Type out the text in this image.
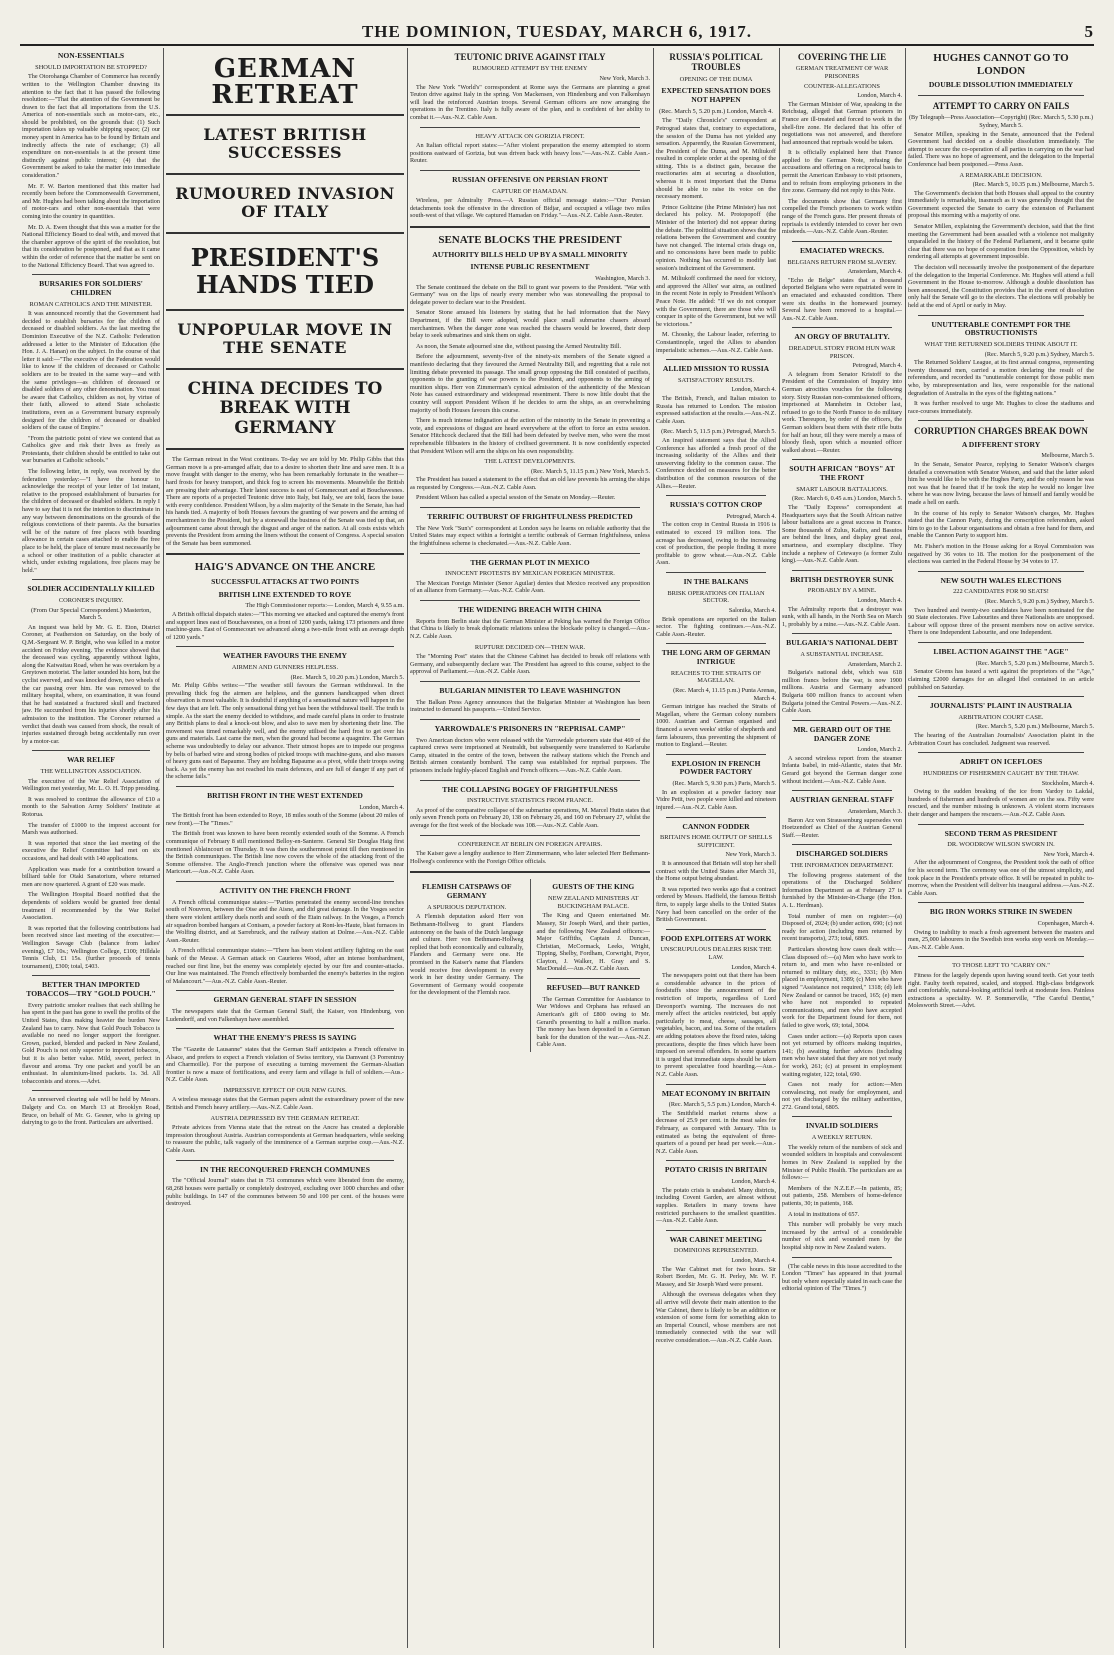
THE DOMINION, TUESDAY, MARCH 6, 1917.	5
NON-ESSENTIALS
SHOULD IMPORTATION BE STOPPED?

The Otorohanga Chamber of Commerce has recently written to the Wellington Chamber drawing its attention to the fact that it has passed the following resolution:—"That the attention of the Government be drawn to the fact that all importations from the U.S. America of non-essentials such as motor-cars, etc., should be prohibited, on the grounds that: (1) Such importation takes up valuable shipping space; (2) our money spent in America has to be found by Britain and indirectly affects the rate of exchange; (3) all expenditure on non-essentials is at the present time distinctly against public interest; (4) that the Government be asked to take the matter into immediate consideration."

Mr. F. W. Barton mentioned that this matter had recently been before the Commonwealth Government, and Mr. Hughes had been talking about the importation of motor-cars and other non-essentials that were coming into the country in quantities.

Mr. D. A. Ewen thought that this was a matter for the National Efficiency Board to deal with, and moved that the chamber approve of the spirit of the resolution, but that its consideration be postponed, and that as it came within the order of reference that the matter be sent on to the National Efficiency Board. That was agreed to.

BURSARIES FOR SOLDIERS' CHILDREN
ROMAN CATHOLICS AND THE MINISTER.

It was announced recently that the Government had decided to establish bursaries for the children of deceased or disabled soldiers. As the last meeting the Dominion Executive of the N.Z. Catholic Federation addressed a letter to the Minister of Education (the Hon. J. A. Hanan) on the subject. In the course of that letter it said:—"The executive of the Federation would like to know if the children of deceased or Catholic soldiers are to be treated in the same way—and with the same privileges—as children of deceased or disabled soldiers of any other denomination. You must be aware that Catholics, children as not, by virtue of their faith, allowed to attend State scholastic institutions, even as a Government bursary expressly designed for the children of deceased or disabled soldiers of the cause of Empire."

"From the patriotic point of view we contend that as Catholics give and risk their lives as freely as Protestants, their children should be entitled to take out war bursaries at Catholic schools."

The following letter, in reply, was received by the federation yesterday:—"I have the honour to acknowledge the receipt of your letter of 1st instant, relative to the proposed establishment of bursaries for the children of deceased or disabled soldiers. In reply I have to say that it is not the intention to discriminate in any way between denominations on the grounds of the religious convictions of their parents. As the bursaries will be of the nature of free places with boarding allowance in certain cases attached to enable the free place to be held, the place of tenure must necessarily be a school or other institution of a public character at which, under existing regulations, free places may be held."

SOLDIER ACCIDENTALLY KILLED
CORONER'S INQUIRY.
(From Our Special Correspondent.) Masterton, March 5.

An inquest was held by Mr. G. E. Eton, District Coroner, at Featherston on Saturday, on the body of Q.M.-Sergeant W. P. Bright, who was killed in a motor accident on Friday evening. The evidence showed that the deceased was cycling, apparently without lights, along the Kaiwaitau Road, when he was overtaken by a Greytown motorist. The latter sounded his horn, but the cyclist swerved, and was knocked down, two wheels of the car passing over him. He was removed to the military hospital, where, on examination, it was found that he had sustained a fractured skull and fractured jaw. He succumbed from his injuries shortly after his admission to the institution. The Coroner returned a verdict that death was caused from shock, the result of injuries sustained through being accidentally run over by a motor-car.

WAR RELIEF
THE WELLINGTON ASSOCIATION.

The executive of the War Relief Association of Wellington met yesterday, Mr. L. O. H. Tripp presiding.

It was resolved to continue the allowance of £10 a month to the Salvation Army Soldiers' Institute at Rotorua.

The transfer of £1000 to the imprest account for Marsh was authorised.

It was reported that since the last meeting of the executive the Relief Committee had met on six occasions, and had dealt with 140 applications.

Application was made for a contribution toward a billiard table for Otaki Sanatorium, where returned men are now quartered. A grant of £20 was made.

The Wellington Hospital Board notified that the dependents of soldiers would be granted free dental treatment if recommended by the War Relief Association.

It was reported that the following contributions had been received since last meeting of the executive:—Wellington Savage Club (balance from ladies' evening), £7 10s.; Wellington College, £100; Hilldale Tennis Club, £1 15s. (further proceeds of tennis tournament), £300; total, £403.

BETTER THAN IMPORTED TOBACCOS—TRY "GOLD POUCH."

Every patriotic smoker realises that each shilling he has spent in the past has gone to swell the profits of the United States, thus making heavier the burden New Zealand has to carry. Now that Gold Pouch Tobacco is available no need no longer support the foreigner. Grown, packed, blended and packed in New Zealand, Gold Pouch is not only superior to imported tobaccos, but it is also better value. Mild, sweet, perfect in flavour and aroma. Try one packet and you'll be an enthusiast. In aluminium-lined packets. 1s. 3d. All tobacconists and stores.—Advt.

An unreserved clearing sale will be held by Messrs. Dalgety and Co. on March 13 at Brooklyn Road, Bruce, on behalf of Mr. G. Gesner, who is giving up dairying to go to the front. Particulars are advertised.

GERMAN RETREAT
LATEST BRITISH SUCCESSES
RUMOURED INVASION OF ITALY
PRESIDENT'S HANDS TIED
UNPOPULAR MOVE IN THE SENATE
CHINA DECIDES TO BREAK WITH GERMANY

The German retreat in the West continues. To-day we are told by Mr. Philip Gibbs that this German move is a pre-arranged affair, due to a desire to shorten their line and save men. It is a move fraught with danger to the enemy, who has been remarkably fortunate in the weather—hard frosts for heavy transport, and thick fog to screen his movements. Meanwhile the British are pressing their advantage. Their latest success is east of Gommecourt and at Bouchavesnes. There are reports of a projected Teutonic drive into Italy, but Italy, we are told, faces the issue with every confidence. President Wilson, by a slim majority of the Senate in the Senate, has had his hands tied. A majority of both Houses favours the granting of war powers and the arming of merchantmen to the President, but by a stonewall the business of the Senate was tied up that, an adjournment came about through the disgust and anger of the nation. At all costs exists which prevents the President from arming the liners without the consent of Congress. A special session of the Senate has been summoned.

HAIG'S ADVANCE ON THE ANCRE
SUCCESSFUL ATTACKS AT TWO POINTS
BRITISH LINE EXTENDED TO ROYE
The High Commissioner reports:— London, March 4, 9.55 a.m.

A British official dispatch states:—"This morning we attacked and captured the enemy's front and support lines east of Bouchavesnes, on a front of 1200 yards, taking 173 prisoners and three machine-guns. East of Gommecourt we advanced along a two-mile front with an average depth of 1200 yards."

WEATHER FAVOURS THE ENEMY
AIRMEN AND GUNNERS HELPLESS.
(Rec. March 5, 10.20 p.m.) London, March 5.

Mr. Philip Gibbs writes:—"The weather still favours the German withdrawal. In the prevailing thick fog the airmen are helpless, and the gunners handicapped when direct observation is most valuable. It is doubtful if anything of a sensational nature will happen in the few days that are left. The only sensational thing yet has been the withdrawal itself. The truth is simple. As the start the enemy decided to withdraw, and made careful plans in order to frustrate any British plans to deal a knock-out blow, and also to save men by shortening their line. The movement was timed remarkably well, and the enemy utilised the hard frost to get over his guns and materials. Last came the men, when the ground had become a quagmire. The German scheme was undoubtedly to delay our advance. Their utmost hopes are to impede our progress by belts of barbed wire and strong bodies of picked troops with machine-guns, and also masses of heavy guns east of Bapaume. They are holding Bapaume as a pivot, while their troops swing back. As yet the enemy has not reached his main defences, and are full of danger if any part of the scheme fails."

BRITISH FRONT IN THE WEST EXTENDED
London, March 4.

The British front has been extended to Roye, 18 miles south of the Somme (about 20 miles of new front).—The "Times."

The British front was known to have been recently extended south of the Somme. A French communique of February 8 still mentioned Belloy-en-Santerre. General Sir Douglas Haig first mentioned Ablaincourt on Thursday. It was then the southernmost point till then mentioned in the British communiques. The British line now covers the whole of the attacking front of the Somme offensive. The Anglo-French junction where the offensive was opened was near Maricourt.—Aus.-N.Z. Cable Assn.

ACTIVITY ON THE FRENCH FRONT

A French official communique states:—"Parties penetrated the enemy second-line trenches south of Nouvron, between the Oise and the Aisne, and did great damage. In the Vosges sector there were violent artillery duels north and south of the Etain railway. In the Vosges, a French air squadron bombed hangars at Conisam, a powder factory at Ront-les-Haute, blast furnaces in the Wolfing district, and at Sarrebruck, and the railway station at Dolme.—Aus.-N.Z. Cable Assn.-Reuter.

A French official communique states:—"There has been violent artillery fighting on the east bank of the Meuse. A German attack on Caurieres Wood, after an intense bombardment, reached our first line, but the enemy was completely ejected by our fire and counter-attacks. Our line was maintained. The French effectively bombarded the enemy's batteries in the region of Malancourt."—Aus.-N.Z. Cable Assn.-Reuter.

GERMAN GENERAL STAFF IN SESSION

The newspapers state that the German General Staff, the Kaiser, von Hindenburg, von Ludendorff, and von Falkenhayn have assembled.

WHAT THE ENEMY'S PRESS IS SAYING

The "Gazette de Lausanne" states that the German Staff anticipates a French offensive in Alsace, and prefers to expect a French violation of Swiss territory, via Damvant (3 Porrentruy and Charmoille). For the purpose of executing a turning movement the German-Alsatian frontier is now a maze of fortifications, and every farm and village is full of soldiers.—Aus.-N.Z. Cable Assn.

IMPRESSIVE EFFECT OF OUR NEW GUNS.

A wireless message states that the German papers admit the extraordinary power of the new British and French heavy artillery.—Aus.-N.Z. Cable Assn.

AUSTRIA DEPRESSED BY THE GERMAN RETREAT.

Private advices from Vienna state that the retreat on the Ancre has created a deplorable impression throughout Austria. Austrian correspondents at German headquarters, while seeking to reassure the public, talk vaguely of the imminence of a German surprise coup.—Aus.-N.Z. Cable Assn.

IN THE RECONQUERED FRENCH COMMUNES

The "Official Journal" states that in 751 communes which were liberated from the enemy, 68,268 houses were partially or completely destroyed, excluding over 1000 churches and other public buildings. In 147 of the communes between 50 and 100 per cent. of the houses were destroyed.

TEUTONIC DRIVE AGAINST ITALY
RUMOURED ATTEMPT BY THE ENEMY
New York, March 3.

The New York "World's" correspondent at Rome says the Germans are planning a great Teuton drive against Italy in the spring. Von Mackensen, von Hindenburg and von Falkenhayn will lead the reinforced Austrian troops. Several German officers are now arranging the operations in the Trentino. Italy is fully aware of the plan, and is confident of her ability to combat it.—Aus.-N.Z. Cable Assn.

HEAVY ATTACK ON GORIZIA FRONT.

An Italian official report states:—"After violent preparation the enemy attempted to storm positions eastward of Gorizia, but was driven back with heavy loss."—Aus.-N.Z. Cable Assn.-Reuter.

RUSSIAN OFFENSIVE ON PERSIAN FRONT
CAPTURE OF HAMADAN.

Wireless, per Admiralty Press.—A Russian official message states:—"Our Persian detachments took the offensive in the direction of Bidjar, and occupied a village two miles south-west of that village. We captured Hamadan on Friday."—Aus.-N.Z. Cable Assn.-Reuter.

SENATE BLOCKS THE PRESIDENT
AUTHORITY BILLS HELD UP BY A SMALL MINORITY
INTENSE PUBLIC RESENTMENT
Washington, March 3.

The Senate continued the debate on the Bill to grant war powers to the President. "War with Germany" was on the lips of nearly every member who was stonewalling the proposal to delegate power to declare war to the President.

Senator Stone amused his listeners by stating that he had information that the Navy Department, if the Bill were adopted, would place small submarine chasers aboard merchantmen. When the danger zone was reached the chasers would be lowered, their deep belay to seek submarines and sink them on sight.

As noon, the Senate adjourned sine die, without passing the Armed Neutrality Bill.

Before the adjournment, seventy-five of the ninety-six members of the Senate signed a manifesto declaring that they favoured the Armed Neutrality Bill, and regretting that a rule not limiting debate prevented its passage. The small group opposing the Bill consisted of pacifists, opponents to the granting of war powers to the President, and opponents to the arming of munition ships. Herr von Zimmerman's cynical admission of the authenticity of the Mexican Note has caused extraordinary and widespread resentment. There is now little doubt that the country will support President Wilson if he decides to arm the ships, as an overwhelming majority of both Houses favours this course.

There is much intense indignation at the action of the minority in the Senate in preventing a vote, and expressions of disgust are heard everywhere at the effort to force an extra session. Senator Hitchcock declared that the Bill had been defeated by twelve men, who were the most reprehensible filibusters in the history of civilised government. It is now confidently expected that President Wilson will arm the ships on his own responsibility.

THE LATEST DEVELOPMENTS.
(Rec. March 5, 11.15 p.m.) New York, March 5.

The President has issued a statement to the effect that an old law prevents his arming the ships as requested by Congress.—Aus.-N.Z. Cable Assn.

President Wilson has called a special session of the Senate on Monday.—Reuter.

TERRIFIC OUTBURST OF FRIGHTFULNESS PREDICTED

The New York "Sun's" correspondent at London says he learns on reliable authority that the United States may expect within a fortnight a terrific outbreak of German frightfulness, unless the frightfulness scheme is checkmated.—Aus.-N.Z. Cable Assn.

THE GERMAN PLOT IN MEXICO
INNOCENT PROTESTS BY MEXICAN FOREIGN MINISTER.

The Mexican Foreign Minister (Senor Aguilar) denies that Mexico received any proposition of an alliance from Germany.—Aus.-N.Z. Cable Assn.

THE WIDENING BREACH WITH CHINA

Reports from Berlin state that the German Minister at Peking has warned the Foreign Office that China is likely to break diplomatic relations unless the blockade policy is changed.—Aus.-N.Z. Cable Assn.

RUPTURE DECIDED ON—THEN WAR.

The "Morning Post" states that the Chinese Cabinet has decided to break off relations with Germany, and subsequently declare war. The President has agreed to this course, subject to the approval of Parliament.—Aus.-N.Z. Cable Assn.

BULGARIAN MINISTER TO LEAVE WASHINGTON

The Balkan Press Agency announces that the Bulgarian Minister at Washington has been instructed to demand his passports.—United Service.

YARROWDALE'S PRISONERS IN "REPRISAL CAMP"

Two American doctors who were released with the Yarrowdale prisoners state that 469 of the captured crews were imprisoned at Neutraldt, but subsequently were transferred to Karlsruhe Camp, situated in the centre of the town, between the railway stations which the French and British airmen constantly bombard. The camp was established for reprisal purposes. The prisoners include highly-placed English and French officers.—Aus.-N.Z. Cable Assn.

THE COLLAPSING BOGEY OF FRIGHTFULNESS
INSTRUCTIVE STATISTICS FROM FRANCE.

As proof of the comparative collapse of the submarine operations, M. Marcel Hutin states that only seven French ports on February 20, 138 on February 26, and 160 on February 27, whilst the average for the first week of the blockade was 108.—Aus.-N.Z. Cable Assn.

CONFERENCE AT BERLIN ON FOREIGN AFFAIRS.

The Kaiser gave a lengthy audience to Herr Zimmermann, who later selected Herr Bethmann-Hollweg's conference with the Foreign Office officials.

FLEMISH CATSPAWS OF GERMANY
A SPURIOUS DEPUTATION.

A Flemish deputation asked Herr von Bethmann-Hollweg to grant Flanders autonomy on the basis of the Dutch language and culture. Herr von Bethmann-Hollweg replied that both economically and culturally, Flanders and Germany were one. He promised in the Kaiser's name that Flanders would receive free development in every work in her destiny under Germany. The Government of Germany would cooperate for the development of the Flemish race.

GUESTS OF THE KING
NEW ZEALAND MINISTERS AT BUCKINGHAM PALACE.

The King and Queen entertained Mr. Massey, Sir Joseph Ward, and their parties, and the following New Zealand officers:—Major Griffiths, Captain J. Duncan, Christian, McCormack, Leeks, Wright, Tipping, Shelby, Fordham, Corwright, Pryor, Clayton, J. Walker, H. Gray and S. MacDonald.—Aus.-N.Z. Cable Assn.

REFUSED—BUT RANKED

The German Committee for Assistance to War Widows and Orphans has refused an American's gift of £800 owing to Mr. Gerard's presenting to half a million marks. The money has been deposited in a German bank for the duration of the war.—Aus.-N.Z. Cable Assn.

RUSSIA'S POLITICAL TROUBLES
OPENING OF THE DUMA
EXPECTED SENSATION DOES NOT HAPPEN
(Rec. March 5, 5.20 p.m.) London, March 4.

The "Daily Chronicle's" correspondent at Petrograd states that, contrary to expectations, the session of the Duma has not yielded any sensation. Apparently, the Russian Government, the President of the Duma, and M. Miliukoff resulted in complete order at the opening of the sitting. This is a distinct gain, because the reactionaries aim at securing a dissolution, whereas it is most important that the Duma should be able to raise its voice on the necessary moment.

Prince Golitzine (the Prime Minister) has not declared his policy. M. Protopopoff (the Minister of the Interior) did not appear during the debate. The political situation shows that the relations between the Government and country have not changed. The internal crisis drags on, and no concessions have been made to public opinion. Nothing has occurred to modify last session's indictment of the Government.

M. Miliukoff confirmed the need for victory, and approved the Allies' war aims, as outlined in the recent Note in reply to President Wilson's Peace Note. He added: "If we do not conquer with the Government, there are those who will conquer in spite of the Government, but we will be victorious."

M. Chosnky, the Labour leader, referring to Constantinople, urged the Allies to abandon imperialistic schemes.—Aus.-N.Z. Cable Assn.

ALLIED MISSION TO RUSSIA
SATISFACTORY RESULTS.
London, March 4.

The British, French, and Italian mission to Russia has returned to London. The mission expressed satisfaction at the results.—Aus.-N.Z. Cable Assn.

(Rec. March 5, 11.5 p.m.) Petrograd, March 5.

An inspired statement says that the Allied Conference has afforded a fresh proof of the increasing solidarity of the Allies and their unswerving fidelity to the common cause. The Conference decided on measures for the better distribution of the common resources of the Allies.—Reuter.

RUSSIA'S COTTON CROP
Petrograd, March 4.

The cotton crop in Central Russia in 1916 is estimated to exceed 19 million tons. The acreage has decreased, owing to the increasing cost of production, the people finding it more profitable to grow wheat.—Aus.-N.Z. Cable Assn.

IN THE BALKANS
BRISK OPERATIONS ON ITALIAN SECTOR.
Salonika, March 4.

Brisk operations are reported on the Italian sector. The fighting continues.—Aus.-N.Z. Cable Assn.-Reuter.

THE LONG ARM OF GERMAN INTRIGUE
REACHES TO THE STRAITS OF MAGELLAN.
(Rec. March 4, 11.15 p.m.) Punta Arenas, March 4.

German intrigue has reached the Straits of Magellan, where the German colony numbers 1000. Austrian and German organised and financed a seven weeks' strike of shepherds and farm labourers, thus preventing the shipment of mutton to England.—Reuter.

EXPLOSION IN FRENCH POWDER FACTORY
(Rec. March 5, 9.30 p.m.) Paris, March 5.

In an explosion at a powder factory near Vidre Petit, two people were killed and nineteen injured.—Aus.-N.Z. Cable Assn.

CANNON FODDER
BRITAIN'S HOME OUTPUT OF SHELLS SUFFICIENT.
New York, March 3.

It is announced that Britain will stop her shell contract with the United States after March 31, the Home output being abundant.

It was reported two weeks ago that a contract ordered by Messrs. Hadfield, the famous British firm, to supply large shells to the United States Navy had been cancelled on the order of the British Government.

FOOD EXPLOITERS AT WORK
UNSCRUPULOUS DEALERS RISK THE LAW.
London, March 4.

The newspapers point out that there has been a considerable advance in the prices of foodstuffs since the announcement of the restriction of imports, regardless of Lord Devonport's warning. The increases do not merely affect the articles restricted, but apply particularly to meat, cheese, sausages, all vegetables, bacon, and tea. Some of the retailers are adding potatoes above the fixed rates, taking precautions, despite the fines which have been imposed on several offenders. In some quarters it is urged that immediate steps should be taken to prevent speculative food hoarding.—Aus.-N.Z. Cable Assn.

MEAT ECONOMY IN BRITAIN
(Rec. March 5, 5.5 p.m.) London, March 4.

The Smithfield market returns show a decrease of 25.9 per cent. in the meat sales for February, as compared with January. This is estimated as being the equivalent of three-quarters of a pound per head per week.—Aus.-N.Z. Cable Assn.

POTATO CRISIS IN BRITAIN
London, March 4.

The potato crisis is unabated. Many districts, including Covent Garden, are almost without supplies. Retailers in many towns have restricted purchasers to the smallest quantities.—Aus.-N.Z. Cable Assn.

WAR CABINET MEETING
DOMINIONS REPRESENTED.
London, March 4.

The War Cabinet met for two hours. Sir Robert Borden, Mr. G. H. Perley, Mr. W. F. Massey, and Sir Joseph Ward were present.

Although the overseas delegates when they all arrive will devote their main attention to the War Cabinet, there is likely to be an addition or extension of some form for something akin to an Imperial Council, whose members are not immediately connected with the war will receive consideration.—Aus.-N.Z. Cable Assn.

COVERING THE LIE
GERMAN TREATMENT OF WAR PRISONERS
COUNTER-ALLEGATIONS
London, March 4.

The German Minister of War, speaking in the Reichstag, alleged that German prisoners in France are ill-treated and forced to work in the shell-fire zone. He declared that his offer of negotiations was not answered, and therefore had announced that reprisals would be taken.

It is officially explained here that France applied to the German Note, refusing the accusations and offering on a reciprocal basis to permit the American Embassy to visit prisoners, and to refrain from employing prisoners in the fire zone. Germany did not reply to this Note.

The documents show that Germany first compelled the French prisoners to work within range of the French guns. Her present threats of reprisals is evidently intended to cover her own misdeeds.—Aus.-N.Z. Cable Assn.-Reuter.

EMACIATED WRECKS.
BELGIANS RETURN FROM SLAVERY.
Amsterdam, March 4.

"Echo de Belge" states that a thousand deported Belgians who were repatriated were in an emaciated and exhausted condition. There were six deaths in the homeward journey. Several have been removed to a hospital.—Aus.-N.Z. Cable Assn.

AN ORGY OF BRUTALITY.
DREADFUL STORY FROM HUN WAR PRISON.
Petrograd, March 4.

A telegram from Senator Kristoff to the President of the Commission of Inquiry into German atrocities vouches for the following story. Sixty Russian non-commissioned officers, imprisoned at Mannheim in October last, refused to go to the North France to do military work. Thereupon, by order of the officers, the German soldiers beat them with their rifle butts for half an hour, till they were merely a mass of bloody flesh, upon which a mounted officer walked about.—Reuter.

SOUTH AFRICAN "BOYS" AT THE FRONT
SMART LABOUR BATTALIONS.
(Rec. March 6, 0.45 a.m.) London, March 5.

The "Daily Express" correspondent at Headquarters says that the South African native labour battalions are a great success in France. Some thousands of Zulus, Kafirs, and Basutos are behind the lines, and display great zeal, smartness, and exemplary discipline. They include a nephew of Cetewayo (a former Zulu king).—Aus.-N.Z. Cable Assn.

BRITISH DESTROYER SUNK
PROBABLY BY A MINE.
London, March 4.

The Admiralty reports that a destroyer was sunk, with all hands, in the North Sea on March 1, probably by a mine.—Aus.-N.Z. Cable Assn.

BULGARIA'S NATIONAL DEBT
A SUBSTANTIAL INCREASE.
Amsterdam, March 2.

Bulgaria's national debt, which was 618 million francs before the war, is now 1900 millions. Austria and Germany advanced Bulgaria 600 million francs to account when Bulgaria joined the Central Powers.—Aus.-N.Z. Cable Assn.

MR. GERARD OUT OF THE DANGER ZONE
London, March 2.

A second wireless report from the steamer Infanta Isabel, in mid-Atlantic, states that Mr. Gerard got beyond the German danger zone without incident.—Aus.-N.Z. Cable Assn.

AUSTRIAN GENERAL STAFF
Amsterdam, March 3.

Baron Arz von Straussenburg supersedes von Hoetzendorf as Chief of the Austrian General Staff.—Reuter.

DISCHARGED SOLDIERS
THE INFORMATION DEPARTMENT.

The following progress statement of the operations of the Discharged Soldiers' Information Department as at February 27 is furnished by the Minister-in-Charge (the Hon. A. L. Herdman).

Total number of men on register:—(a) Disposed of, 2024; (b) under action, 690; (c) not ready for action (including men returned by recent transports), 273; total, 6805.

Particulars showing how cases dealt with:—Class disposed of:—(a) Men who have work to return to, and men who have re-enlisted or returned to military duty, etc., 3331; (b) Men placed in employment, 1389; (c) Men who have signed "Assistance not required," 1318; (d) left New Zealand or cannot be traced, 165; (e) men who have not responded to repeated communications, and men who have accepted work for the Department found for them, not failed to give work, 69; total, 3004.

Cases under action:—(a) Reports upon cases not yet returned by officers making inquiries, 141; (b) awaiting further advices (including men who have stated that they are not yet ready for work), 261; (c) at present in employment waiting register, 122; total, 690.

Cases not ready for action:—Men convalescing, not ready for employment, and not yet discharged by the military authorities, 272. Grand total, 6805.

INVALID SOLDIERS
A WEEKLY RETURN.

The weekly return of the numbers of sick and wounded soldiers in hospitals and convalescent homes in New Zealand is supplied by the Minister of Public Health. The particulars are as follows:—

Members of the N.Z.E.F.—In patients, 85; out patients, 258. Members of home-defence patients, 30; in patients, 168.

A total in institutions of 657.

This number will probably be very much increased by the arrival of a considerable number of sick and wounded men by the hospital ship now in New Zealand waters.

(The cable news in this issue accredited to the London "Times" has appeared in that journal but only where especially stated in each case the editorial opinion of The "Times.")

HUGHES CANNOT GO TO LONDON
DOUBLE DISSOLUTION IMMEDIATELY
ATTEMPT TO CARRY ON FAILS
(By Telegraph—Press Association—Copyright) (Rec. March 5, 5.30 p.m.) Sydney, March 5.

Senator Millen, speaking in the Senate, announced that the Federal Government had decided on a double dissolution immediately. The attempt to secure the co-operation of all parties in carrying on the war had failed. There was no hope of agreement, and the delegation to the Imperial Conference had been postponed.—Press Assn.

A REMARKABLE DECISION.
(Rec. March 5, 10.35 p.m.) Melbourne, March 5.

The Government's decision that both Houses shall appeal to the country immediately is remarkable, inasmuch as it was generally thought that the Government expected the Senate to carry the extension of Parliament proposal this morning with a majority of one.

Senator Millen, explaining the Government's decision, said that the first meeting the Government had been assailed with a violence not malignity unparalleled in the history of the Federal Parliament, and it became quite clear that there was no hope of cooperation from the Opposition, which by rendering all attempts at government impossible.

The decision will necessarily involve the postponement of the departure of the delegation to the Imperial Conference. Mr. Hughes will attend a full Government in the House to-morrow. Although a double dissolution has been announced, the Constitution provides that in the event of dissolution only half the Senate will go to the electors. The elections will probably be held at the end of April or early in May.

UNUTTERABLE CONTEMPT FOR THE OBSTRUCTIONISTS
WHAT THE RETURNED SOLDIERS THINK ABOUT IT.
(Rec. March 5, 9.20 p.m.) Sydney, March 5.

The Returned Soldiers' League, at its first annual congress, representing twenty thousand men, carried a motion declaring the result of the referendum, and recorded its "unutterable contempt for those public men who, by misrepresentation and lies, were responsible for the national degradation of Australia in the eyes of the fighting nations."

It was further resolved to urge Mr. Hughes to close the stadiums and race-courses immediately.

CORRUPTION CHARGES BREAK DOWN
A DIFFERENT STORY
Melbourne, March 5.

In the Senate, Senator Pearce, replying to Senator Watson's charges detailed a conversation with Senator Watson, and said that the latter asked him he would like to be with the Hughes Party, and the only reason he was not was that he feared that if he took the step he would no longer live where he was now living, because the laws of himself and family would be made a hell on earth.

In the course of his reply to Senator Watson's charges, Mr. Hughes stated that the Cannon Party, during the conscription referendum, asked him to go to the Labour organisations and obtain a free hand for them, and enable the Cannon Party to support him.

Mr. Fisher's motion in the House asking for a Royal Commission was negatived by 36 votes to 18. The motion for the postponement of the elections was carried in the Federal House by 34 votes to 17.

NEW SOUTH WALES ELECTIONS
222 CANDIDATES FOR 90 SEATS!
(Rec. March 5, 9.20 p.m.) Sydney, March 5.

Two hundred and twenty-two candidates have been nominated for the 90 State electorates. Five Labourites and three Nationalists are unopposed. Labour will oppose three of the present members now on active service. There is one Independent Labourite, and one Independent.

LIBEL ACTION AGAINST THE "AGE"
(Rec. March 5, 5.20 p.m.) Melbourne, March 5.

Senator Givens has issued a writ against the proprietors of the "Age," claiming £2000 damages for an alleged libel contained in an article published on Saturday.

JOURNALISTS' PLAINT IN AUSTRALIA
ARBITRATION COURT CASE.
(Rec. March 5, 5.20 p.m.) Melbourne, March 5.

The hearing of the Australian Journalists' Association plaint in the Arbitration Court has concluded. Judgment was reserved.

ADRIFT ON ICEFLOES
HUNDREDS OF FISHERMEN CAUGHT BY THE THAW.
Stockholm, March 4.

Owing to the sudden breaking of the ice from Vardoy to Lakdal, hundreds of fishermen and hundreds of women are on the sea. Fifty were rescued, and the number missing is unknown. A violent storm increases their danger and hampers the rescuers.—Aus.-N.Z. Cable Assn.

SECOND TERM AS PRESIDENT
DR. WOODROW WILSON SWORN IN.
New York, March 4.

After the adjournment of Congress, the President took the oath of office for his second term. The ceremony was one of the utmost simplicity, and took place in the President's private office. It will be repeated in public to-morrow, when the President will deliver his inaugural address.—Aus.-N.Z. Cable Assn.

BIG IRON WORKS STRIKE IN SWEDEN
Copenhagen, March 4.

Owing to inability to reach a fresh agreement between the masters and men, 25,000 labourers in the Swedish iron works stop work on Monday.—Aus.-N.Z. Cable Assn.

TO THOSE LEFT TO "CARRY ON."

Fitness for the largely depends upon having sound teeth. Get your teeth right. Faulty teeth repaired, scaled, and stopped. High-class bridgework and comfortable, natural-looking artificial teeth at moderate fees. Painless extractions a speciality. W. P. Sommerville, "The Careful Dentist," Molesworth Street.—Advt.
